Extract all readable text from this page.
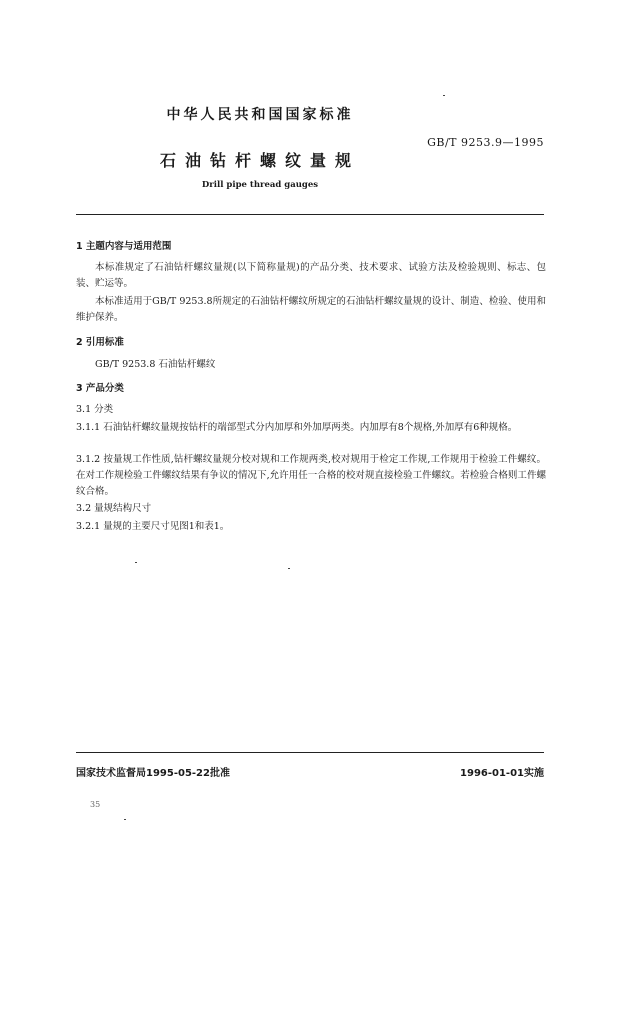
中华人民共和国国家标准
GB/T 9253.9—1995
石油钻杆螺纹量规
Drill pipe thread gauges
1 主题内容与适用范围
本标准规定了石油钻杆螺纹量规(以下简称量规)的产品分类、技术要求、试验方法及检验规则、标志、包装、贮运等。
本标准适用于GB/T 9253.8所规定的石油钻杆螺纹所规定的石油钻杆螺纹量规的设计、制造、检验、使用和维护保养。
2 引用标准
GB/T 9253.8 石油钻杆螺纹
3 产品分类
3.1 分类
3.1.1 石油钻杆螺纹量规按钻杆的端部型式分内加厚和外加厚两类。内加厚有8个规格,外加厚有6种规格。
3.1.2 按量规工作性质,钻杆螺纹量规分校对规和工作规两类,校对规用于检定工作规,工作规用于检验工件螺纹。在对工作规检验工件螺纹结果有争议的情况下,允许用任一合格的校对规直接检验工件螺纹。若检验合格则工件螺纹合格。
3.2 量规结构尺寸
3.2.1 量规的主要尺寸见图1和表1。
国家技术监督局1995-05-22批准	1996-01-01实施
35
